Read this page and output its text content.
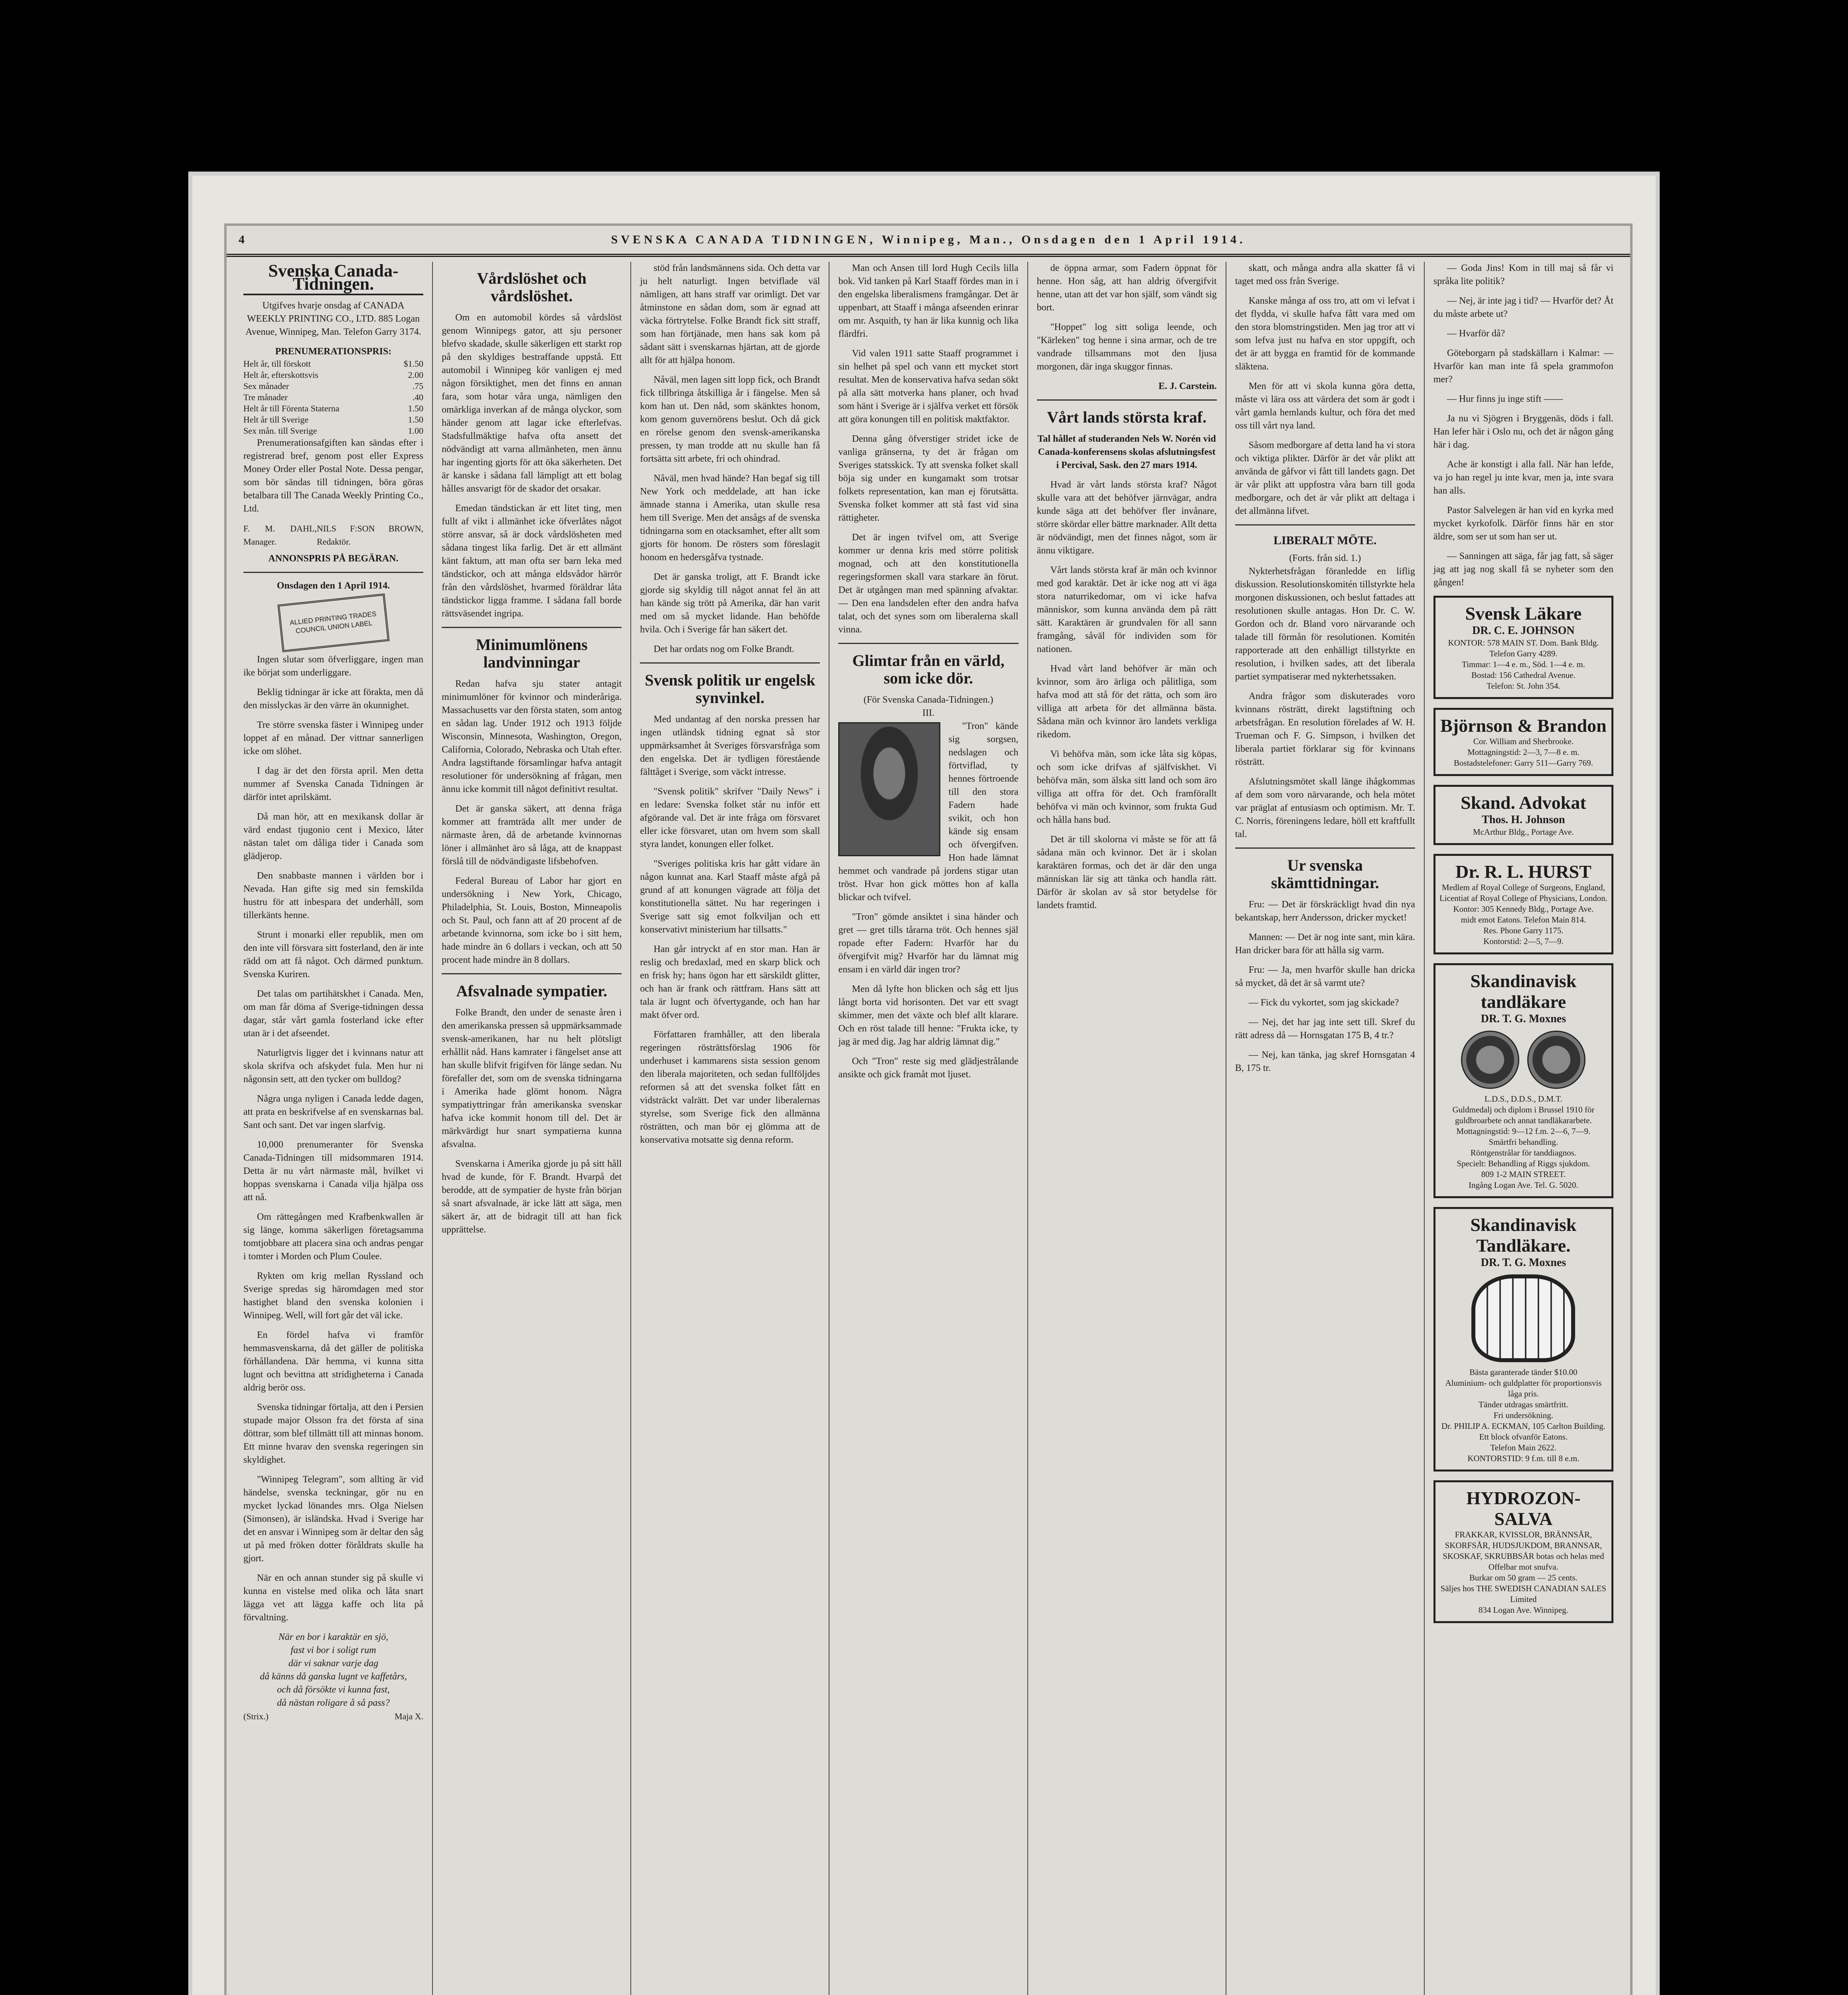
4	SVENSKA CANADA TIDNINGEN, Winnipeg, Man., Onsdagen den 1 April 1914.
Svenska Canada-Tidningen.

Utgifves hvarje onsdag af CANADA WEEKLY PRINTING CO., LTD. 885 Logan Avenue, Winnipeg, Man. Telefon Garry 3174.

PRENUMERATIONSPRIS:
Helt år, till förskott	$1.50
Helt år, efterskottsvis	2.00
Sex månader	.75
Tre månader	.40
Helt år till Förenta Staterna	1.50
Helt år till Sverige	1.50
Sex mån. till Sverige	1.00

Prenumerationsafgiften kan sändas efter i registrerad bref, genom post eller Express Money Order eller Postal Note. Dessa pengar, som bör sändas till tidningen, böra göras betalbara till The Canada Weekly Printing Co., Ltd.

F. M. DAHL, Manager.
NILS F:SON BROWN, Redaktör.
ANNONSPRIS PÅ BEGÄRAN.
Onsdagen den 1 April 1914.
ALLIED PRINTING TRADES COUNCIL UNION LABEL

Ingen slutar som öfverliggare, ingen man ike börjat som underliggare.

Beklig tidningar är icke att förakta, men då den misslyckas är den värre än okunnighet.

Tre större svenska fäster i Winnipeg under loppet af en månad. Der vittnar sannerligen icke om slöhet.

I dag är det den första april. Men detta nummer af Svenska Canada Tidningen är därför intet aprilskämt.

Då man hör, att en mexikansk dollar är värd endast tjugonio cent i Mexico, låter nästan talet om dåliga tider i Canada som glädjerop.

Den snabbaste mannen i världen bor i Nevada. Han gifte sig med sin femskilda hustru för att inbespara det underhåll, som tillerkänts henne.

Strunt i monarki eller republik, men om den inte vill försvara sitt fosterland, den är inte rädd om att få något. Och därmed punktum. Svenska Kuriren.

Det talas om partihätskhet i Canada. Men, om man får döma af Sverige-tidningen dessa dagar, står vårt gamla fosterland icke efter utan är i det afseendet.

Naturligtvis ligger det i kvinnans natur att skola skrifva och afskydet fula. Men hur ni någonsin sett, att den tycker om bulldog?

Några unga nyligen i Canada ledde dagen, att prata en beskrifvelse af en svenskarnas bal. Sant och sant. Det var ingen slarfvig.

10,000 prenumeranter för Svenska Canada-Tidningen till midsommaren 1914. Detta är nu vårt närmaste mål, hvilket vi hoppas svenskarna i Canada vilja hjälpa oss att nå.

Om rättegången med Krafbenkwallen är sig länge, komma säkerligen företagsamma tomtjobbare att placera sina och andras pengar i tomter i Morden och Plum Coulee.

Rykten om krig mellan Ryssland och Sverige spredas sig häromdagen med stor hastighet bland den svenska kolonien i Winnipeg. Well, will fort går det väl icke.

En fördel hafva vi framför hemmasvenskarna, då det gäller de politiska förhållandena. Där hemma, vi kunna sitta lugnt och bevittna att stridigheterna i Canada aldrig berör oss.

Svenska tidningar förtalja, att den i Persien stupade major Olsson fra det första af sina döttrar, som blef tillmätt till att minnas honom. Ett minne hvarav den svenska regeringen sin skyldighet.

"Winnipeg Telegram", som allting är vid händelse, svenska teckningar, gör nu en mycket lyckad lönandes mrs. Olga Nielsen (Simonsen), är isländska. Hvad i Sverige har det en ansvar i Winnipeg som är deltar den såg ut på med fröken dotter föråldrats skulle ha gjort.

När en och annan stunder sig på skulle vi kunna en vistelse med olika och låta snart lägga vet att lägga kaffe och lita på förvaltning.

När en bor i karaktär en sjö,
fast vi bor i soligt rum
där vi saknar varje dag
då känns då ganska lugnt ve kaffetårs,
och då försökte vi kunna fast,
då nästan roligare å så pass?
(Strix.)	Maja X.
Vårdslöshet och vårdslöshet.

Om en automobil kördes så vårdslöst genom Winnipegs gator, att sju personer blefvo skadade, skulle säkerligen ett starkt rop på den skyldiges bestraffande uppstå. Ett automobil i Winnipeg kör vanligen ej med någon försiktighet, men det finns en annan fara, som hotar våra unga, nämligen den omärkliga inverkan af de många olyckor, som händer genom att lagar icke efterlefvas. Stadsfullmäktige hafva ofta ansett det nödvändigt att varna allmänheten, men ännu har ingenting gjorts för att öka säkerheten. Det är kanske i sådana fall lämpligt att ett bolag hålles ansvarigt för de skador det orsakar.

Emedan tändstickan är ett litet ting, men fullt af vikt i allmänhet icke öfverlåtes något större ansvar, så är dock vårdslösheten med sådana tingest lika farlig. Det är ett allmänt känt faktum, att man ofta ser barn leka med tändstickor, och att många eldsvådor härrör från den vårdslöshet, hvarmed föräldrar låta tändstickor ligga framme. I sådana fall borde rättsväsendet ingripa.

Minimumlönens landvinningar

Redan hafva sju stater antagit minimumlöner för kvinnor och minderåriga. Massachusetts var den första staten, som antog en sådan lag. Under 1912 och 1913 följde Wisconsin, Minnesota, Washington, Oregon, California, Colorado, Nebraska och Utah efter. Andra lagstiftande församlingar hafva antagit resolutioner för undersökning af frågan, men ännu icke kommit till något definitivt resultat.

Det är ganska säkert, att denna fråga kommer att framträda allt mer under de närmaste åren, då de arbetande kvinnornas löner i allmänhet äro så låga, att de knappast förslå till de nödvändigaste lifsbehofven.

Federal Bureau of Labor har gjort en undersökning i New York, Chicago, Philadelphia, St. Louis, Boston, Minneapolis och St. Paul, och fann att af 20 procent af de arbetande kvinnorna, som icke bo i sitt hem, hade mindre än 6 dollars i veckan, och att 50 procent hade mindre än 8 dollars.

Afsvalnade sympatier.

Folke Brandt, den under de senaste åren i den amerikanska pressen så uppmärksammade svensk-amerikanen, har nu helt plötsligt erhållit nåd. Hans kamrater i fängelset anse att han skulle blifvit frigifven för länge sedan. Nu förefaller det, som om de svenska tidningarna i Amerika hade glömt honom. Några sympatiyttringar från amerikanska svenskar hafva icke kommit honom till del. Det är märkvärdigt hur snart sympatierna kunna afsvalna.

Svenskarna i Amerika gjorde ju på sitt håll hvad de kunde, för F. Brandt. Hvarpå det berodde, att de sympatier de hyste från början så snart afsvalnade, är icke lätt att säga, men säkert är, att de bidragit till att han fick upprättelse.

stöd från landsmännens sida. Och detta var ju helt naturligt. Ingen betviflade väl nämligen, att hans straff var orimligt. Det var åtminstone en sådan dom, som är egnad att väcka förtrytelse. Folke Brandt fick sitt straff, som han förtjänade, men hans sak kom på sådant sätt i svenskarnas hjärtan, att de gjorde allt för att hjälpa honom.

Nåväl, men lagen sitt lopp fick, och Brandt fick tillbringa åtskilliga år i fängelse. Men så kom han ut. Den nåd, som skänktes honom, kom genom guvernörens beslut. Och då gick en rörelse genom den svensk-amerikanska pressen, ty man trodde att nu skulle han få fortsätta sitt arbete, fri och ohindrad.

Nåväl, men hvad hände? Han begaf sig till New York och meddelade, att han icke ämnade stanna i Amerika, utan skulle resa hem till Sverige. Men det ansågs af de svenska tidningarna som en otacksamhet, efter allt som gjorts för honom. De rösters som föreslagit honom en hedersgåfva tystnade.

Det är ganska troligt, att F. Brandt icke gjorde sig skyldig till något annat fel än att han kände sig trött på Amerika, där han varit med om så mycket lidande. Han behöfde hvila. Och i Sverige får han säkert det.

Det har ordats nog om Folke Brandt.

Svensk politik ur engelsk synvinkel.

Med undantag af den norska pressen har ingen utländsk tidning egnat så stor uppmärksamhet åt Sveriges försvarsfråga som den engelska. Det är tydligen förestående fälttåget i Sverige, som väckt intresse.

"Svensk politik" skrifver "Daily News" i en ledare: Svenska folket står nu inför ett afgörande val. Det är inte fråga om försvaret eller icke försvaret, utan om hvem som skall styra landet, konungen eller folket.

"Sveriges politiska kris har gått vidare än någon kunnat ana. Karl Staaff måste afgå på grund af att konungen vägrade att följa det konstitutionella sättet. Nu har regeringen i Sverige satt sig emot folkviljan och ett konservativt ministerium har tillsatts."

Han går intryckt af en stor man. Han är reslig och bredaxlad, med en skarp blick och en frisk hy; hans ögon har ett särskildt glitter, och han är frank och rättfram. Hans sätt att tala är lugnt och öfvertygande, och han har makt öfver ord.

Författaren framhåller, att den liberala regeringen rösträttsförslag 1906 för underhuset i kammarens sista session genom den liberala majoriteten, och sedan fullföljdes reformen så att det svenska folket fått en vidsträckt valrätt. Det var under liberalernas styrelse, som Sverige fick den allmänna rösträtten, och man bör ej glömma att de konservativa motsatte sig denna reform.

Man och Ansen till lord Hugh Cecils lilla bok. Vid tanken på Karl Staaff fördes man in i den engelska liberalismens framgångar. Det är uppenbart, att Staaff i många afseenden erinrar om mr. Asquith, ty han är lika kunnig och lika flärdfri.

Vid valen 1911 satte Staaff programmet i sin helhet på spel och vann ett mycket stort resultat. Men de konservativa hafva sedan sökt på alla sätt motverka hans planer, och hvad som hänt i Sverige är i själfva verket ett försök att göra konungen till en politisk maktfaktor.

Denna gång öfverstiger stridet icke de vanliga gränserna, ty det är frågan om Sveriges statsskick. Ty att svenska folket skall böja sig under en kungamakt som trotsar folkets representation, kan man ej förutsätta. Svenska folket kommer att stå fast vid sina rättigheter.

Det är ingen tvifvel om, att Sverige kommer ur denna kris med större politisk mognad, och att den konstitutionella regeringsformen skall vara starkare än förut. Det är utgången man med spänning afvaktar. — Den ena landsdelen efter den andra hafva talat, och det synes som om liberalerna skall vinna.

Glimtar från en värld, som icke dör.
(För Svenska Canada-Tidningen.)
III.

"Tron" kände sig sorgsen, nedslagen och förtviflad, ty hennes förtroende till den stora Fadern hade svikit, och hon kände sig ensam och öfvergifven. Hon hade lämnat hemmet och vandrade på jordens stigar utan tröst. Hvar hon gick möttes hon af kalla blickar och tvifvel.

"Tron" gömde ansiktet i sina händer och gret — gret tills tårarna tröt. Och hennes själ ropade efter Fadern: Hvarför har du öfvergifvit mig? Hvarför har du lämnat mig ensam i en värld där ingen tror?

Men då lyfte hon blicken och såg ett ljus långt borta vid horisonten. Det var ett svagt skimmer, men det växte och blef allt klarare. Och en röst talade till henne: "Frukta icke, ty jag är med dig. Jag har aldrig lämnat dig."

Och "Tron" reste sig med glädjestrålande ansikte och gick framåt mot ljuset.

de öppna armar, som Fadern öppnat för henne. Hon såg, att han aldrig öfvergifvit henne, utan att det var hon själf, som vändt sig bort.

"Hoppet" log sitt soliga leende, och "Kärleken" tog henne i sina armar, och de tre vandrade tillsammans mot den ljusa morgonen, där inga skuggor finnas.

E. J. Carstein.
Vårt lands största kraf.

Tal hållet af studeranden Nels W. Norén vid Canada-konferensens skolas afslutningsfest i Percival, Sask. den 27 mars 1914.

Hvad är vårt lands största kraf? Något skulle vara att det behöfver järnvägar, andra kunde säga att det behöfver fler invånare, större skördar eller bättre marknader. Allt detta är nödvändigt, men det finnes något, som är ännu viktigare.

Vårt lands största kraf är män och kvinnor med god karaktär. Det är icke nog att vi äga stora naturrikedomar, om vi icke hafva människor, som kunna använda dem på rätt sätt. Karaktären är grundvalen för all sann framgång, såväl för individen som för nationen.

Hvad vårt land behöfver är män och kvinnor, som äro ärliga och pålitliga, som hafva mod att stå för det rätta, och som äro villiga att arbeta för det allmänna bästa. Sådana män och kvinnor äro landets verkliga rikedom.

Vi behöfva män, som icke låta sig köpas, och som icke drifvas af själfviskhet. Vi behöfva män, som älska sitt land och som äro villiga att offra för det. Och framförallt behöfva vi män och kvinnor, som frukta Gud och hålla hans bud.

Det är till skolorna vi måste se för att få sådana män och kvinnor. Det är i skolan karaktären formas, och det är där den unga människan lär sig att tänka och handla rätt. Därför är skolan av så stor betydelse för landets framtid.

skatt, och många andra alla skatter få vi taget med oss från Sverige.

Kanske många af oss tro, att om vi lefvat i det flydda, vi skulle hafva fått vara med om den stora blomstringstiden. Men jag tror att vi som lefva just nu hafva en stor uppgift, och det är att bygga en framtid för de kommande släktena.

Men för att vi skola kunna göra detta, måste vi lära oss att värdera det som är godt i vårt gamla hemlands kultur, och föra det med oss till vårt nya land.

Såsom medborgare af detta land ha vi stora och viktiga plikter. Därför är det vår plikt att använda de gåfvor vi fått till landets gagn. Det är vår plikt att uppfostra våra barn till goda medborgare, och det är vår plikt att deltaga i det allmänna lifvet.

LIBERALT MÖTE.
(Forts. från sid. 1.)

Nykterhetsfrågan föranledde en liflig diskussion. Resolutionskomitén tillstyrkte hela morgonen diskussionen, och beslut fattades att resolutionen skulle antagas. Hon Dr. C. W. Gordon och dr. Bland voro närvarande och talade till förmån för resolutionen. Komitén rapporterade att den enhälligt tillstyrkte en resolution, i hvilken sades, att det liberala partiet sympatiserar med nykterhetssaken.

Andra frågor som diskuterades voro kvinnans rösträtt, direkt lagstiftning och arbetsfrågan. En resolution förelades af W. H. Trueman och F. G. Simpson, i hvilken det liberala partiet förklarar sig för kvinnans rösträtt.

Afslutningsmötet skall länge ihågkommas af dem som voro närvarande, och hela mötet var präglat af entusiasm och optimism. Mr. T. C. Norris, föreningens ledare, höll ett kraftfullt tal.

Ur svenska skämttidningar.

Fru: — Det är förskräckligt hvad din nya bekantskap, herr Andersson, dricker mycket!

Mannen: — Det är nog inte sant, min kära. Han dricker bara för att hålla sig varm.

Fru: — Ja, men hvarför skulle han dricka så mycket, då det är så varmt ute?

— Fick du vykortet, som jag skickade?

— Nej, det har jag inte sett till. Skref du rätt adress då — Hornsgatan 175 B, 4 tr.?

— Nej, kan tänka, jag skref Hornsgatan 4 B, 175 tr.

— Goda Jins! Kom in till maj så får vi språka lite politik?

— Nej, är inte jag i tid? — Hvarför det? Åt du måste arbete ut?

— Hvarför då?

Göteborgarn på stadskällarn i Kalmar: — Hvarför kan man inte få spela grammofon mer?

— Hur finns ju inge stift ——

Ja nu vi Sjögren i Bryggenäs, döds i fall. Han lefer här i Oslo nu, och det är någon gång här i dag.

Ache är konstigt i alla fall. När han lefde, va jo han regel ju inte kvar, men ja, inte svara han alls.

Pastor Salvelegen är han vid en kyrka med mycket kyrkofolk. Därför finns här en stor äldre, som ser ut som han ser ut.

— Sanningen att säga, får jag fatt, så säger jag att jag nog skall få se nyheter som den gången!

Svensk Läkare
DR. C. E. JOHNSON
KONTOR: 578 MAIN ST. Dom. Bank Bldg.
Telefon Garry 4289.
Timmar: 1—4 e. m., Söd. 1—4 e. m.
Bostad: 156 Cathedral Avenue.
Telefon: St. John 354.
Björnson & Brandon
Cor. William and Sherbrooke.
Mottagningstid: 2—3, 7—8 e. m.
Bostadstelefoner: Garry 511—Garry 769.
Skand. Advokat
Thos. H. Johnson
McArthur Bldg., Portage Ave.
Dr. R. L. HURST
Medlem af Royal College of Surgeons, England, Licentiat af Royal College of Physicians, London.
Kontor: 305 Kennedy Bldg., Portage Ave.
midt emot Eatons. Telefon Main 814.
Res. Phone Garry 1175.
Kontorstid: 2—5, 7—9.
Skandinavisk tandläkare
DR. T. G. Moxnes
L.D.S., D.D.S., D.M.T.
Guldmedalj och diplom i Brussel 1910 för guldbroarbete och annat tandläkararbete.
Mottagningstid: 9—12 f.m. 2—6, 7—9.
Smärtfri behandling.
Röntgenstrålar för tanddiagnos.
Specielt: Behandling af Riggs sjukdom.
809 1-2 MAIN STREET.
Ingång Logan Ave. Tel. G. 5020.
Skandinavisk Tandläkare.
DR. T. G. Moxnes
Bästa garanterade tänder $10.00
Aluminium- och guldplatter för proportionsvis låga pris.
Tänder utdragas smärtfritt.
Fri undersökning.
Dr. PHILIP A. ECKMAN, 105 Carlton Building.
Ett block ofvanför Eatons.
Telefon Main 2622.
KONTORSTID: 9 f.m. till 8 e.m.
HYDROZON-SALVA
FRAKKAR, KVISSLOR, BRÄNNSÅR, SKORFSÅR, HUDSJUKDOM, BRANNSAR, SKOSKAF, SKRUBBSÅR botas och helas med
Offelbar mot snufva.
Burkar om 50 gram — 25 cents.
Säljes hos THE SWEDISH CANADIAN SALES Limited
834 Logan Ave. Winnipeg.
